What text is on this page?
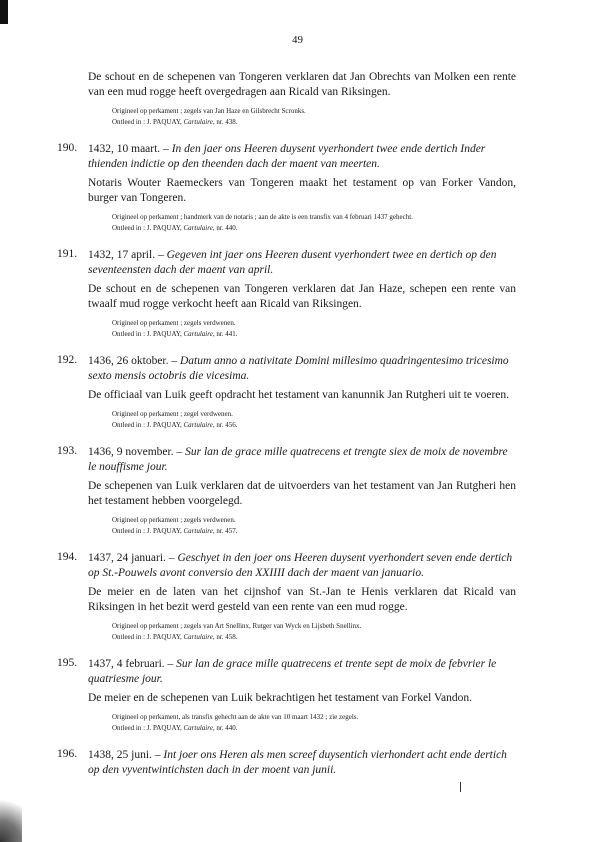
49

De schout en de schepenen van Tongeren verklaren dat Jan Obrechts van Molken een rente van een mud rogge heeft overgedragen aan Ricald van Riksingen.

Origineel op perkament ; zegels van Jan Haze en Gilsbrecht Scronks.

Ontleed in : J. PAQUAY, Cartulaire, nr. 438.

190. 1432, 10 maart. – In den jaer ons Heeren duysent vyerhondert twee ende dertich Inder thienden indictie op den theenden dach der maent van meerten.

Notaris Wouter Raemeckers van Tongeren maakt het testament op van Forker Vandon, burger van Tongeren.

Origineel op perkament ; handmerk van de notaris ; aan de akte is een transfix van 4 februari 1437 gehecht.

Ontleed in : J. PAQUAY, Cartulaire, nr. 440.

191. 1432, 17 april. – Gegeven int jaer ons Heeren dusent vyerhondert twee en dertich op den seventeensten dach der maent van april.

De schout en de schepenen van Tongeren verklaren dat Jan Haze, schepen een rente van twaalf mud rogge verkocht heeft aan Ricald van Riksingen.

Origineel op perkament ; zegels verdwenen.

Ontleed in : J. PAQUAY, Cartulaire, nr. 441.

192. 1436, 26 oktober. – Datum anno a nativitate Domini millesimo quadringentesimo tricesimo sexto mensis octobris die vicesima.

De officiaal van Luik geeft opdracht het testament van kanunnik Jan Rutgheri uit te voeren.

Origineel op perkament ; zegel verdwenen.

Ontleed in : J. PAQUAY, Cartulaire, nr. 456.

193. 1436, 9 november. – Sur lan de grace mille quatrecens et trengte siex de moix de novembre le nouffisme jour.

De schepenen van Luik verklaren dat de uitvoerders van het testament van Jan Rutgheri hen het testament hebben voorgelegd.

Origineel op perkament ; zegels verdwenen.

Ontleed in : J. PAQUAY, Cartulaire, nr. 457.

194. 1437, 24 januari. – Geschyet in den joer ons Heeren duysent vyerhondert seven ende dertich op St.-Pouwels avont conversio den XXIIII dach der maent van januario.

De meier en de laten van het cijnshof van St.-Jan te Henis verklaren dat Ricald van Riksingen in het bezit werd gesteld van een rente van een mud rogge.

Origineel op perkament ; zegels van Art Snellinx, Rutger van Wyck en Lijsbeth Snellinx.

Ontleed in : J. PAQUAY, Cartulaire, nr. 458.

195. 1437, 4 februari. – Sur lan de grace mille quatrecens et trente sept de moix de febvrier le quatriesme jour.

De meier en de schepenen van Luik bekrachtigen het testament van Forkel Vandon.

Origineel op perkament, als transfix gehecht aan de akte van 10 maart 1432 ; zie zegels.

Ontleed in : J. PAQUAY, Cartulaire, nr. 440.

196. 1438, 25 juni. – Int joer ons Heren als men screef duysentich vierhondert acht ende dertich op den vyventwintichsten dach in der moent van junii.
